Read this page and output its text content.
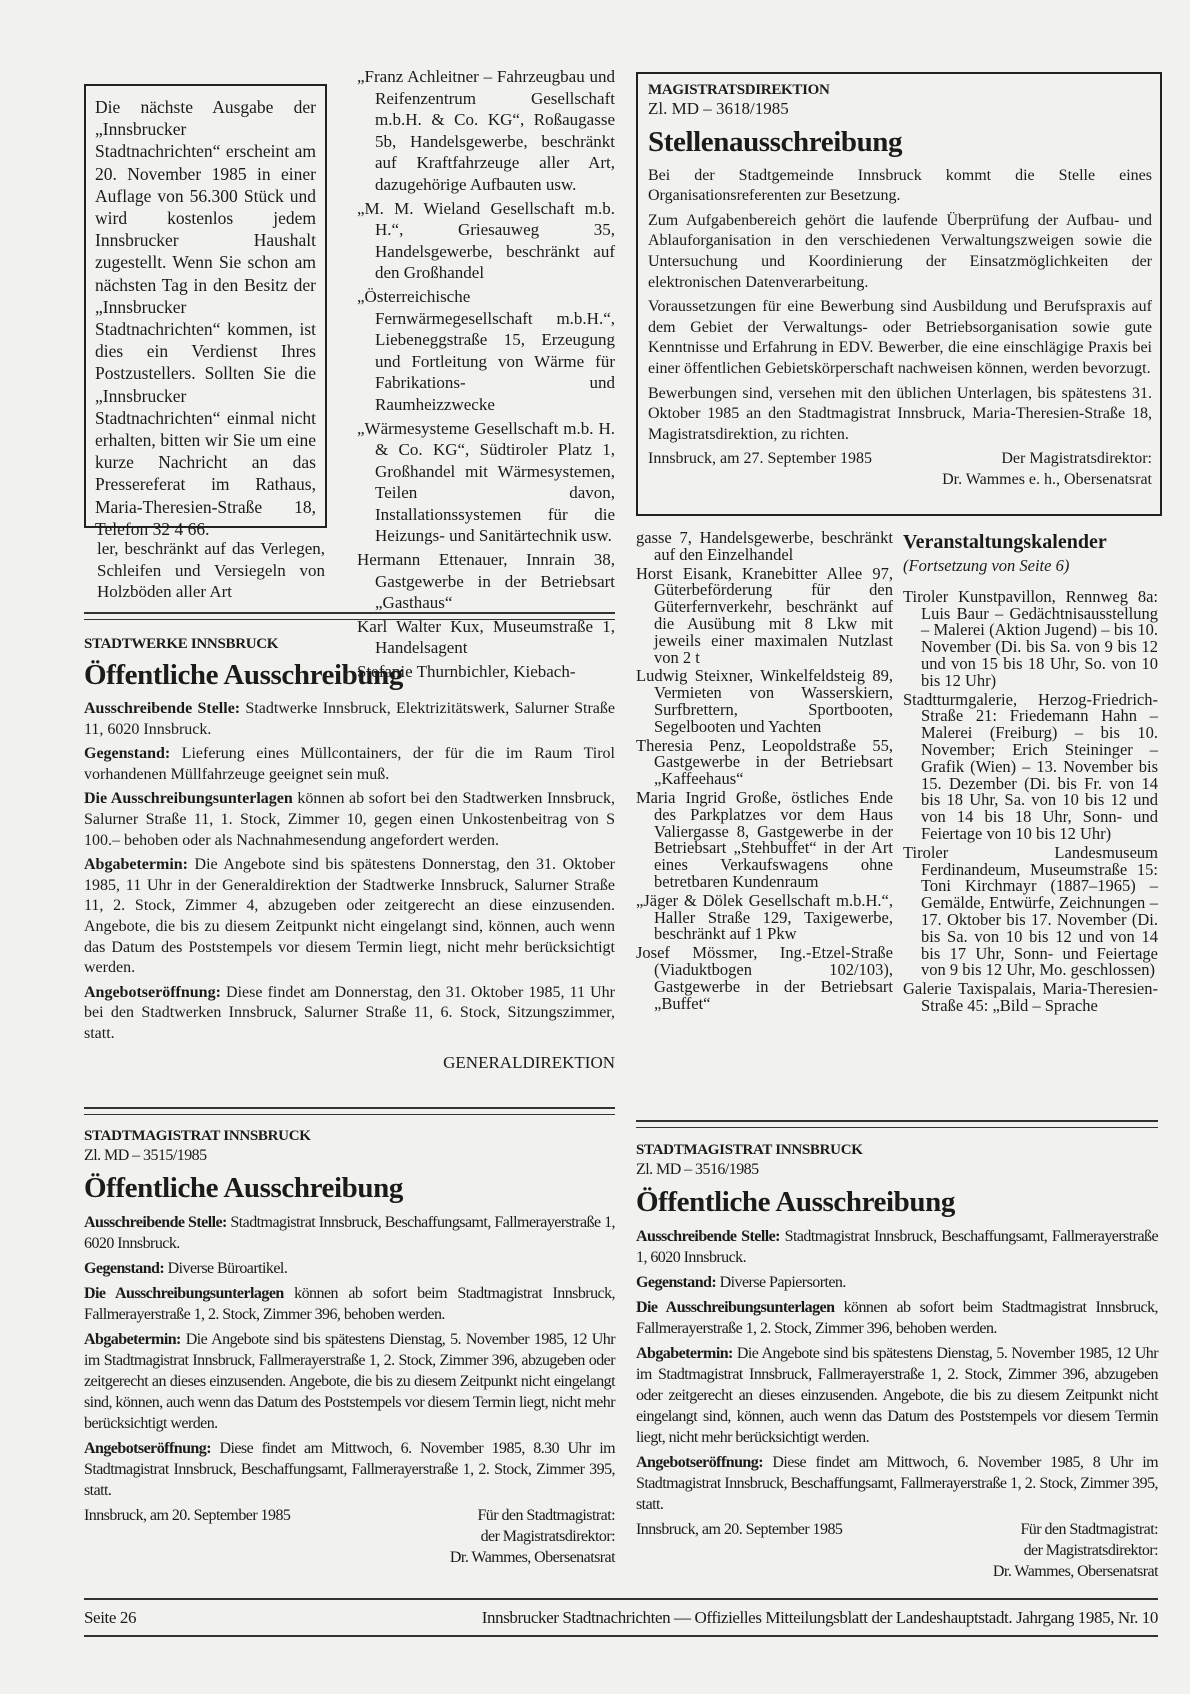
Die nächste Ausgabe der „Innsbrucker Stadtnachrichten“ erscheint am 20. November 1985 in einer Auflage von 56.300 Stück und wird kostenlos jedem Innsbrucker Haushalt zugestellt. Wenn Sie schon am nächsten Tag in den Besitz der „Innsbrucker Stadtnachrichten“ kommen, ist dies ein Verdienst Ihres Postzustellers. Sollten Sie die „Innsbrucker Stadtnachrichten“ einmal nicht erhalten, bitten wir Sie um eine kurze Nachricht an das Pressereferat im Rathaus, Maria-Theresien-Straße 18, Telefon 32 4 66.

ler, beschränkt auf das Verlegen, Schleifen und Versiegeln von Holzböden aller Art

„Franz Achleitner – Fahrzeugbau und Reifenzentrum Gesellschaft m.b.H. & Co. KG“, Roßaugasse 5b, Handelsgewerbe, beschränkt auf Kraftfahrzeuge aller Art, dazugehörige Aufbauten usw.

„M. M. Wieland Gesellschaft m.b. H.“, Griesauweg 35, Handelsgewerbe, beschränkt auf den Großhandel

„Österreichische Fernwärmegesellschaft m.b.H.“, Liebeneggstraße 15, Erzeugung und Fortleitung von Wärme für Fabrikations- und Raumheizzwecke

„Wärmesysteme Gesellschaft m.b. H. & Co. KG“, Südtiroler Platz 1, Großhandel mit Wärmesystemen, Teilen davon, Installationssystemen für die Heizungs- und Sanitärtechnik usw.

Hermann Ettenauer, Innrain 38, Gastgewerbe in der Betriebsart „Gasthaus“

Karl Walter Kux, Museumstraße 1, Handelsagent

Stefanie Thurnbichler, Kiebach-

MAGISTRATSDIREKTION
Zl. MD – 3618/1985
Stellenausschreibung

Bei der Stadtgemeinde Innsbruck kommt die Stelle eines Organisationsreferenten zur Besetzung.

Zum Aufgabenbereich gehört die laufende Überprüfung der Aufbau- und Ablauforganisation in den verschiedenen Verwaltungszweigen sowie die Untersuchung und Koordinierung der Einsatzmöglichkeiten der elektronischen Datenverarbeitung.

Voraussetzungen für eine Bewerbung sind Ausbildung und Berufspraxis auf dem Gebiet der Verwaltungs- oder Betriebsorganisation sowie gute Kenntnisse und Erfahrung in EDV. Bewerber, die eine einschlägige Praxis bei einer öffentlichen Gebietskörperschaft nachweisen können, werden bevorzugt.

Bewerbungen sind, versehen mit den üblichen Unterlagen, bis spätestens 31. Oktober 1985 an den Stadtmagistrat Innsbruck, Maria-Theresien-Straße 18, Magistratsdirektion, zu richten.

Innsbruck, am 27. September 1985	Der Magistratsdirektor:
Dr. Wammes e. h., Obersenatsrat

gasse 7, Handelsgewerbe, beschränkt auf den Einzelhandel

Horst Eisank, Kranebitter Allee 97, Güterbeförderung für den Güterfernverkehr, beschränkt auf die Ausübung mit 8 Lkw mit jeweils einer maximalen Nutzlast von 2 t

Ludwig Steixner, Winkelfeldsteig 89, Vermieten von Wasserskiern, Surfbrettern, Sportbooten, Segelbooten und Yachten

Theresia Penz, Leopoldstraße 55, Gastgewerbe in der Betriebsart „Kaffeehaus“

Maria Ingrid Große, östliches Ende des Parkplatzes vor dem Haus Valiergasse 8, Gastgewerbe in der Betriebsart „Stehbuffet“ in der Art eines Verkaufswagens ohne betretbaren Kundenraum

„Jäger & Dölek Gesellschaft m.b.H.“, Haller Straße 129, Taxigewerbe, beschränkt auf 1 Pkw

Josef Mössmer, Ing.-Etzel-Straße (Viaduktbogen 102/103), Gastgewerbe in der Betriebsart „Buffet“

Veranstaltungskalender
(Fortsetzung von Seite 6)

Tiroler Kunstpavillon, Rennweg 8a: Luis Baur – Gedächtnisausstellung – Malerei (Aktion Jugend) – bis 10. November (Di. bis Sa. von 9 bis 12 und von 15 bis 18 Uhr, So. von 10 bis 12 Uhr)

Stadtturmgalerie, Herzog-Friedrich-Straße 21: Friedemann Hahn – Malerei (Freiburg) – bis 10. November; Erich Steininger – Grafik (Wien) – 13. November bis 15. Dezember (Di. bis Fr. von 14 bis 18 Uhr, Sa. von 10 bis 12 und von 14 bis 18 Uhr, Sonn- und Feiertage von 10 bis 12 Uhr)

Tiroler Landesmuseum Ferdinandeum, Museumstraße 15: Toni Kirchmayr (1887–1965) – Gemälde, Entwürfe, Zeichnungen – 17. Oktober bis 17. November (Di. bis Sa. von 10 bis 12 und von 14 bis 17 Uhr, Sonn- und Feiertage von 9 bis 12 Uhr, Mo. geschlossen)

Galerie Taxispalais, Maria-Theresien-Straße 45: „Bild – Sprache

STADTWERKE INNSBRUCK
Öffentliche Ausschreibung

Ausschreibende Stelle: Stadtwerke Innsbruck, Elektrizitätswerk, Salurner Straße 11, 6020 Innsbruck.

Gegenstand: Lieferung eines Müllcontainers, der für die im Raum Tirol vorhandenen Müllfahrzeuge geeignet sein muß.

Die Ausschreibungsunterlagen können ab sofort bei den Stadtwerken Innsbruck, Salurner Straße 11, 1. Stock, Zimmer 10, gegen einen Unkostenbeitrag von S 100.– behoben oder als Nachnahmesendung angefordert werden.

Abgabetermin: Die Angebote sind bis spätestens Donnerstag, den 31. Oktober 1985, 11 Uhr in der Generaldirektion der Stadtwerke Innsbruck, Salurner Straße 11, 2. Stock, Zimmer 4, abzugeben oder zeitgerecht an diese einzusenden. Angebote, die bis zu diesem Zeitpunkt nicht eingelangt sind, können, auch wenn das Datum des Poststempels vor diesem Termin liegt, nicht mehr berücksichtigt werden.

Angebotseröffnung: Diese findet am Donnerstag, den 31. Oktober 1985, 11 Uhr bei den Stadtwerken Innsbruck, Salurner Straße 11, 6. Stock, Sitzungszimmer, statt.

GENERALDIREKTION
STADTMAGISTRAT INNSBRUCK
Zl. MD – 3515/1985
Öffentliche Ausschreibung

Ausschreibende Stelle: Stadtmagistrat Innsbruck, Beschaffungsamt, Fallmerayerstraße 1, 6020 Innsbruck.

Gegenstand: Diverse Büroartikel.

Die Ausschreibungsunterlagen können ab sofort beim Stadtmagistrat Innsbruck, Fallmerayerstraße 1, 2. Stock, Zimmer 396, behoben werden.

Abgabetermin: Die Angebote sind bis spätestens Dienstag, 5. November 1985, 12 Uhr im Stadtmagistrat Innsbruck, Fallmerayerstraße 1, 2. Stock, Zimmer 396, abzugeben oder zeitgerecht an dieses einzusenden. Angebote, die bis zu diesem Zeitpunkt nicht eingelangt sind, können, auch wenn das Datum des Poststempels vor diesem Termin liegt, nicht mehr berücksichtigt werden.

Angebotseröffnung: Diese findet am Mittwoch, 6. November 1985, 8.30 Uhr im Stadtmagistrat Innsbruck, Beschaffungsamt, Fallmerayerstraße 1, 2. Stock, Zimmer 395, statt.

Innsbruck, am 20. September 1985	Für den Stadtmagistrat:
der Magistratsdirektor:
Dr. Wammes, Obersenatsrat
STADTMAGISTRAT INNSBRUCK
Zl. MD – 3516/1985
Öffentliche Ausschreibung

Ausschreibende Stelle: Stadtmagistrat Innsbruck, Beschaffungsamt, Fallmerayerstraße 1, 6020 Innsbruck.

Gegenstand: Diverse Papiersorten.

Die Ausschreibungsunterlagen können ab sofort beim Stadtmagistrat Innsbruck, Fallmerayerstraße 1, 2. Stock, Zimmer 396, behoben werden.

Abgabetermin: Die Angebote sind bis spätestens Dienstag, 5. November 1985, 12 Uhr im Stadtmagistrat Innsbruck, Fallmerayerstraße 1, 2. Stock, Zimmer 396, abzugeben oder zeitgerecht an dieses einzusenden. Angebote, die bis zu diesem Zeitpunkt nicht eingelangt sind, können, auch wenn das Datum des Poststempels vor diesem Termin liegt, nicht mehr berücksichtigt werden.

Angebotseröffnung: Diese findet am Mittwoch, 6. November 1985, 8 Uhr im Stadtmagistrat Innsbruck, Beschaffungsamt, Fallmerayerstraße 1, 2. Stock, Zimmer 395, statt.

Innsbruck, am 20. September 1985	Für den Stadtmagistrat:
der Magistratsdirektor:
Dr. Wammes, Obersenatsrat
Seite 26	Innsbrucker Stadtnachrichten — Offizielles Mitteilungsblatt der Landeshauptstadt. Jahrgang 1985, Nr. 10
